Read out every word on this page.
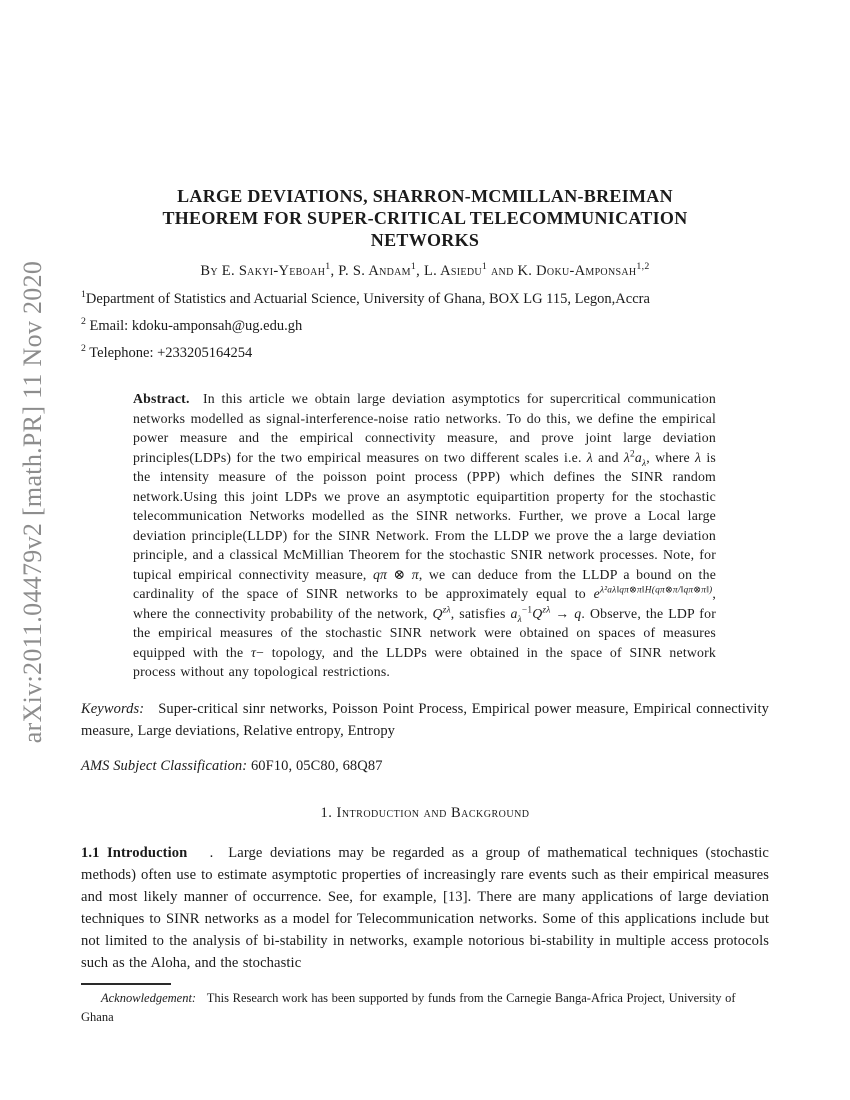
arXiv:2011.04479v2 [math.PR] 11 Nov 2020
LARGE DEVIATIONS, SHARRON-MCMILLAN-BREIMAN
THEOREM FOR SUPER-CRITICAL TELECOMMUNICATION
NETWORKS
By E. Sakyi-Yeboah$^1$, P. S. Andam$^1$, L. Asiedu$^1$ and K. Doku-Amponsah$^{1,2}$
$^1$Department of Statistics and Actuarial Science, University of Ghana, BOX LG 115, Legon,Accra
$^2$ Email: kdoku-amponsah@ug.edu.gh
$^2$ Telephone: +233205164254
Abstract.  In this article we obtain large deviation asymptotics for supercritical communication networks modelled as signal-interference-noise ratio networks. To do this, we define the empirical power measure and the empirical connectivity measure, and prove joint large deviation principles(LDPs) for the two empirical measures on two different scales i.e. λ and $\lambda^2a_\lambda$, where λ is the intensity measure of the poisson point process (PPP) which defines the SINR random network.Using this joint LDPs we prove an asymptotic equipartition property for the stochastic telecommunication Networks modelled as the SINR networks. Further, we prove a Local large deviation principle(LLDP) for the SINR Network. From the LLDP we prove the a large deviation principle, and a classical McMillian Theorem for the stochastic SNIR network processes. Note, for tupical empirical connectivity measure, qπ ⊗ π, we can deduce from the LLDP a bound on the cardinality of the space of SINR networks to be approximately equal to $e^{\lambda^2a\lambda‖q\pi\otimes\pi‖H(q\pi\otimes\pi/‖q\pi\otimes\pi‖)}$, where the connectivity probability of the network, $Q^{z\lambda}$, satisfies $a_\lambda^{-1}Q^{z\lambda} \to q$. Observe, the LDP for the empirical measures of the stochastic SINR network were obtained on spaces of measures equipped with the τ− topology, and the LLDPs were obtained in the space of SINR network process without any topological restrictions.
Keywords:   Super-critical sinr networks, Poisson Point Process, Empirical power measure, Empirical connectivity measure, Large deviations, Relative entropy, Entropy
AMS Subject Classification: 60F10, 05C80, 68Q87
1. Introduction and Background
1.1 Introduction   .  Large deviations may be regarded as a group of mathematical techniques (stochastic methods) often use to estimate asymptotic properties of increasingly rare events such as their empirical measures and most likely manner of occurrence. See, for example, [13]. There are many applications of large deviation techniques to SINR networks as a model for Telecommunication networks. Some of this applications include but not limited to the analysis of bi-stability in networks, example notorious bi-stability in multiple access protocols such as the Aloha, and the stochastic
Acknowledgement:   This Research work has been supported by funds from the Carnegie Banga-Africa Project, University of Ghana
